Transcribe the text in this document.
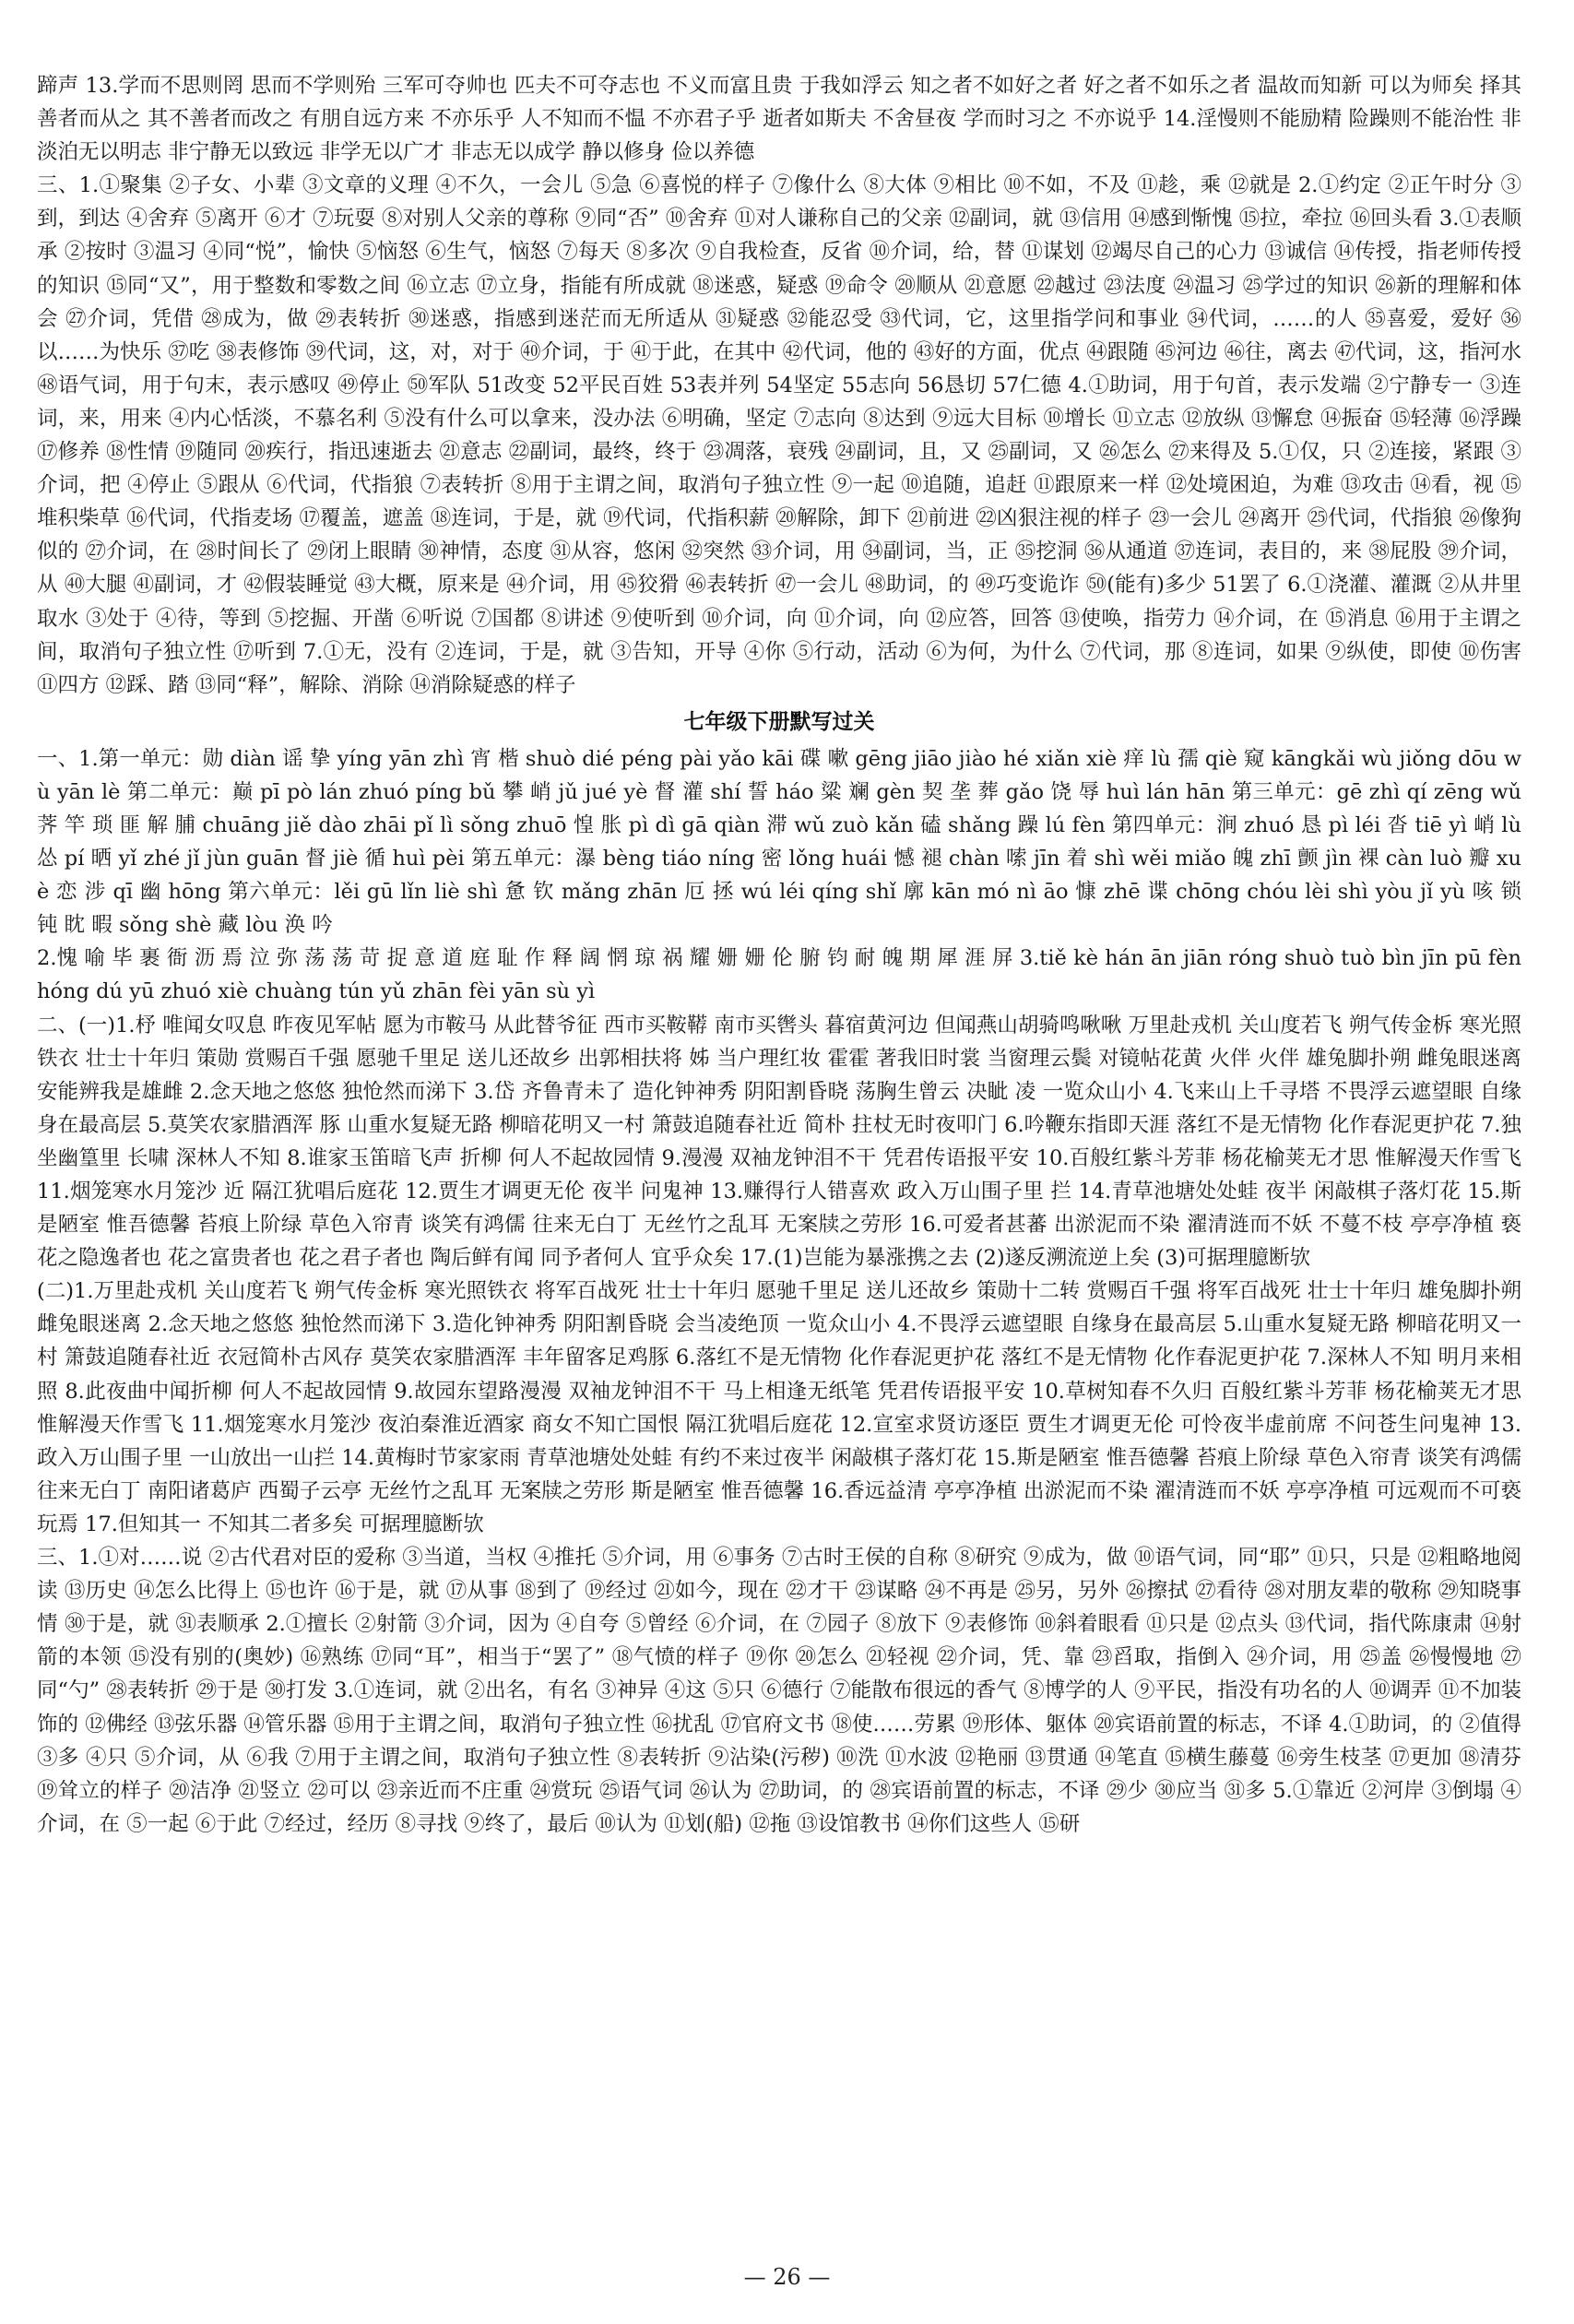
蹄声 13.学而不思则罔 思而不学则殆 三军可夺帅也 匹夫不可夺志也 不义而富且贵 于我如浮云 知之者不如好之者 好之者不如乐之者 温故而知新 可以为师矣 择其善者而从之 其不善者而改之 有朋自远方来 不亦乐乎 人不知而不愠 不亦君子乎 逝者如斯夫 不舍昼夜 学而时习之 不亦说乎 14.淫慢则不能励精 险躁则不能治性 非淡泊无以明志 非宁静无以致远 非学无以广才 非志无以成学 静以修身 俭以养德

三、1.①聚集 ②子女、小辈 ③文章的义理 ④不久，一会儿 ⑤急 ⑥喜悦的样子 ⑦像什么 ⑧大体 ⑨相比 ⑩不如，不及 ⑪趁，乘 ⑫就是 2.①约定 ②正午时分 ③到，到达 ④舍弃 ⑤离开 ⑥才 ⑦玩耍 ⑧对别人父亲的尊称 ⑨同“否” ⑩舍弃 ⑪对人谦称自己的父亲 ⑫副词，就 ⑬信用 ⑭感到惭愧 ⑮拉，牵拉 ⑯回头看 3.①表顺承 ②按时 ③温习 ④同“悦”，愉快 ⑤恼怒 ⑥生气，恼怒 ⑦每天 ⑧多次 ⑨自我检查，反省 ⑩介词，给，替 ⑪谋划 ⑫竭尽自己的心力 ⑬诚信 ⑭传授，指老师传授的知识 ⑮同“又”，用于整数和零数之间 ⑯立志 ⑰立身，指能有所成就 ⑱迷惑，疑惑 ⑲命令 ⑳顺从 ㉑意愿 ㉒越过 ㉓法度 ㉔温习 ㉕学过的知识 ㉖新的理解和体会 ㉗介词，凭借 ㉘成为，做 ㉙表转折 ㉚迷惑，指感到迷茫而无所适从 ㉛疑惑 ㉜能忍受 ㉝代词，它，这里指学问和事业 ㉞代词，……的人 ㉟喜爱，爱好 ㊱以……为快乐 ㊲吃 ㊳表修饰 ㊴代词，这，对，对于 ㊵介词，于 ㊶于此，在其中 ㊷代词，他的 ㊸好的方面，优点 ㊹跟随 ㊺河边 ㊻往，离去 ㊼代词，这，指河水 ㊽语气词，用于句末，表示感叹 ㊾停止 ㊿军队 51改变 52平民百姓 53表并列 54坚定 55志向 56恳切 57仁德 4.①助词，用于句首，表示发端 ②宁静专一 ③连词，来，用来 ④内心恬淡，不慕名利 ⑤没有什么可以拿来，没办法 ⑥明确，坚定 ⑦志向 ⑧达到 ⑨远大目标 ⑩增长 ⑪立志 ⑫放纵 ⑬懈怠 ⑭振奋 ⑮轻薄 ⑯浮躁 ⑰修养 ⑱性情 ⑲随同 ⑳疾行，指迅速逝去 ㉑意志 ㉒副词，最终，终于 ㉓凋落，衰残 ㉔副词，且，又 ㉕副词，又 ㉖怎么 ㉗来得及 5.①仅，只 ②连接，紧跟 ③介词，把 ④停止 ⑤跟从 ⑥代词，代指狼 ⑦表转折 ⑧用于主谓之间，取消句子独立性 ⑨一起 ⑩追随，追赶 ⑪跟原来一样 ⑫处境困迫，为难 ⑬攻击 ⑭看，视 ⑮堆积柴草 ⑯代词，代指麦场 ⑰覆盖，遮盖 ⑱连词，于是，就 ⑲代词，代指积薪 ⑳解除，卸下 ㉑前进 ㉒凶狠注视的样子 ㉓一会儿 ㉔离开 ㉕代词，代指狼 ㉖像狗似的 ㉗介词，在 ㉘时间长了 ㉙闭上眼睛 ㉚神情，态度 ㉛从容，悠闲 ㉜突然 ㉝介词，用 ㉞副词，当，正 ㉟挖洞 ㊱从通道 ㊲连词，表目的，来 ㊳屁股 ㊴介词，从 ㊵大腿 ㊶副词，才 ㊷假装睡觉 ㊸大概，原来是 ㊹介词，用 ㊺狡猾 ㊻表转折 ㊼一会儿 ㊽助词，的 ㊾巧变诡诈 ㊿(能有)多少 51罢了 6.①浇灌、灌溉 ②从井里取水 ③处于 ④待，等到 ⑤挖掘、开凿 ⑥听说 ⑦国都 ⑧讲述 ⑨使听到 ⑩介词，向 ⑪介词，向 ⑫应答，回答 ⑬使唤，指劳力 ⑭介词，在 ⑮消息 ⑯用于主谓之间，取消句子独立性 ⑰听到 7.①无，没有 ②连词，于是，就 ③告知，开导 ④你 ⑤行动，活动 ⑥为何，为什么 ⑦代词，那 ⑧连词，如果 ⑨纵使，即使 ⑩伤害 ⑪四方 ⑫踩、踏 ⑬同“释”，解除、消除 ⑭消除疑惑的样子

七年级下册默写过关

一、1.第一单元：勋 diàn 谣 挚 yíng yān zhì 宵 楷 shuò dié péng pài yǎo kāi 碟 嗽 gēng jiāo jiào hé xiǎn xiè 痒 lù 孺 qiè 窥 kāngkǎi wù jiǒng dōu wù yān lè 第二单元：巅 pī pò lán zhuó píng bǔ 攀 峭 jǔ jué yè 督 灌 shí 誓 háo 粱 斓 gèn 契 垄 葬 gǎo 饶 辱 huì lán hān 第三单元：gē zhì qí zēng wǔ 荠 竿 琐 匪 解 脯 chuāng jiě dào zhāi pǐ lì sǒng zhuō 惶 胀 pì dì gā qiàn 滞 wǔ zuò kǎn 磕 shǎng 躁 lú fèn 第四单元：涧 zhuó 恳 pì léi 沓 tiē yì 峭 lù 怂 pí 晒 yǐ zhé jǐ jùn guān 督 jiè 循 huì pèi 第五单元：瀑 bèng tiáo níng 密 lǒng huái 憾 褪 chàn 嗦 jīn 着 shì wěi miǎo 魄 zhī 颤 jìn 裸 càn luò 瓣 xuè 恋 涉 qī 幽 hōng 第六单元：lěi gū lǐn liè shì 惫 钦 mǎng zhān 厄 拯 wú léi qíng shǐ 廓 kān mó nì āo 慷 zhē 谍 chōng chóu lèi shì yòu jǐ yù 咳 锁 钝 眈 暇 sǒng shè 藏 lòu 涣 吟

2.愧 喻 毕 裹 衙 沥 焉 泣 弥 荡 荡 苛 捉 意 道 庭 耻 作 释 阔 惘 琼 祸 耀 姗 姗 伦 腑 钧 耐 魄 期 犀 涯 屏 3.tiě kè hán ān jiān róng shuò tuò bìn jīn pū fèn hóng dú yū zhuó xiè chuàng tún yǔ zhān fèi yān sù yì

二、(一)1.杼 唯闻女叹息 昨夜见军帖 愿为市鞍马 从此替爷征 西市买鞍鞯 南市买辔头 暮宿黄河边 但闻燕山胡骑鸣啾啾 万里赴戎机 关山度若飞 朔气传金柝 寒光照铁衣 壮士十年归 策勋 赏赐百千强 愿驰千里足 送儿还故乡 出郭相扶将 姊 当户理红妆 霍霍 著我旧时裳 当窗理云鬓 对镜帖花黄 火伴 火伴 雄兔脚扑朔 雌兔眼迷离 安能辨我是雄雌 2.念天地之悠悠 独怆然而涕下 3.岱 齐鲁青未了 造化钟神秀 阴阳割昏晓 荡胸生曾云 决眦 凌 一览众山小 4.飞来山上千寻塔 不畏浮云遮望眼 自缘身在最高层 5.莫笑农家腊酒浑 豚 山重水复疑无路 柳暗花明又一村 箫鼓追随春社近 简朴 拄杖无时夜叩门 6.吟鞭东指即天涯 落红不是无情物 化作春泥更护花 7.独坐幽篁里 长啸 深林人不知 8.谁家玉笛暗飞声 折柳 何人不起故园情 9.漫漫 双袖龙钟泪不干 凭君传语报平安 10.百般红紫斗芳菲 杨花榆荚无才思 惟解漫天作雪飞 11.烟笼寒水月笼沙 近 隔江犹唱后庭花 12.贾生才调更无伦 夜半 问鬼神 13.赚得行人错喜欢 政入万山围子里 拦 14.青草池塘处处蛙 夜半 闲敲棋子落灯花 15.斯是陋室 惟吾德馨 苔痕上阶绿 草色入帘青 谈笑有鸿儒 往来无白丁 无丝竹之乱耳 无案牍之劳形 16.可爱者甚蕃 出淤泥而不染 濯清涟而不妖 不蔓不枝 亭亭净植 亵 花之隐逸者也 花之富贵者也 花之君子者也 陶后鲜有闻 同予者何人 宜乎众矣 17.(1)岂能为暴涨携之去 (2)遂反溯流逆上矣 (3)可据理臆断欤

(二)1.万里赴戎机 关山度若飞 朔气传金柝 寒光照铁衣 将军百战死 壮士十年归 愿驰千里足 送儿还故乡 策勋十二转 赏赐百千强 将军百战死 壮士十年归 雄兔脚扑朔 雌兔眼迷离 2.念天地之悠悠 独怆然而涕下 3.造化钟神秀 阴阳割昏晓 会当凌绝顶 一览众山小 4.不畏浮云遮望眼 自缘身在最高层 5.山重水复疑无路 柳暗花明又一村 箫鼓追随春社近 衣冠简朴古风存 莫笑农家腊酒浑 丰年留客足鸡豚 6.落红不是无情物 化作春泥更护花 落红不是无情物 化作春泥更护花 7.深林人不知 明月来相照 8.此夜曲中闻折柳 何人不起故园情 9.故园东望路漫漫 双袖龙钟泪不干 马上相逢无纸笔 凭君传语报平安 10.草树知春不久归 百般红紫斗芳菲 杨花榆荚无才思 惟解漫天作雪飞 11.烟笼寒水月笼沙 夜泊秦淮近酒家 商女不知亡国恨 隔江犹唱后庭花 12.宣室求贤访逐臣 贾生才调更无伦 可怜夜半虚前席 不问苍生问鬼神 13.政入万山围子里 一山放出一山拦 14.黄梅时节家家雨 青草池塘处处蛙 有约不来过夜半 闲敲棋子落灯花 15.斯是陋室 惟吾德馨 苔痕上阶绿 草色入帘青 谈笑有鸿儒 往来无白丁 南阳诸葛庐 西蜀子云亭 无丝竹之乱耳 无案牍之劳形 斯是陋室 惟吾德馨 16.香远益清 亭亭净植 出淤泥而不染 濯清涟而不妖 亭亭净植 可远观而不可亵玩焉 17.但知其一 不知其二者多矣 可据理臆断欤

三、1.①对……说 ②古代君对臣的爱称 ③当道，当权 ④推托 ⑤介词，用 ⑥事务 ⑦古时王侯的自称 ⑧研究 ⑨成为，做 ⑩语气词，同“耶” ⑪只，只是 ⑫粗略地阅读 ⑬历史 ⑭怎么比得上 ⑮也许 ⑯于是，就 ⑰从事 ⑱到了 ⑲经过 ㉑如今，现在 ㉒才干 ㉓谋略 ㉔不再是 ㉕另，另外 ㉖擦拭 ㉗看待 ㉘对朋友辈的敬称 ㉙知晓事情 ㉚于是，就 ㉛表顺承 2.①擅长 ②射箭 ③介词，因为 ④自夸 ⑤曾经 ⑥介词，在 ⑦园子 ⑧放下 ⑨表修饰 ⑩斜着眼看 ⑪只是 ⑫点头 ⑬代词，指代陈康肃 ⑭射箭的本领 ⑮没有别的(奥妙) ⑯熟练 ⑰同“耳”，相当于“罢了” ⑱气愤的样子 ⑲你 ⑳怎么 ㉑轻视 ㉒介词，凭、靠 ㉓舀取，指倒入 ㉔介词，用 ㉕盖 ㉖慢慢地 ㉗同“勺” ㉘表转折 ㉙于是 ㉚打发 3.①连词，就 ②出名，有名 ③神异 ④这 ⑤只 ⑥德行 ⑦能散布很远的香气 ⑧博学的人 ⑨平民，指没有功名的人 ⑩调弄 ⑪不加装饰的 ⑫佛经 ⑬弦乐器 ⑭管乐器 ⑮用于主谓之间，取消句子独立性 ⑯扰乱 ⑰官府文书 ⑱使……劳累 ⑲形体、躯体 ⑳宾语前置的标志，不译 4.①助词，的 ②值得 ③多 ④只 ⑤介词，从 ⑥我 ⑦用于主谓之间，取消句子独立性 ⑧表转折 ⑨沾染(污秽) ⑩洗 ⑪水波 ⑫艳丽 ⑬贯通 ⑭笔直 ⑮横生藤蔓 ⑯旁生枝茎 ⑰更加 ⑱清芬 ⑲耸立的样子 ⑳洁净 ㉑竖立 ㉒可以 ㉓亲近而不庄重 ㉔赏玩 ㉕语气词 ㉖认为 ㉗助词，的 ㉘宾语前置的标志，不译 ㉙少 ㉚应当 ㉛多 5.①靠近 ②河岸 ③倒塌 ④介词，在 ⑤一起 ⑥于此 ⑦经过，经历 ⑧寻找 ⑨终了，最后 ⑩认为 ⑪划(船) ⑫拖 ⑬设馆教书 ⑭你们这些人 ⑮研

— 26 —
